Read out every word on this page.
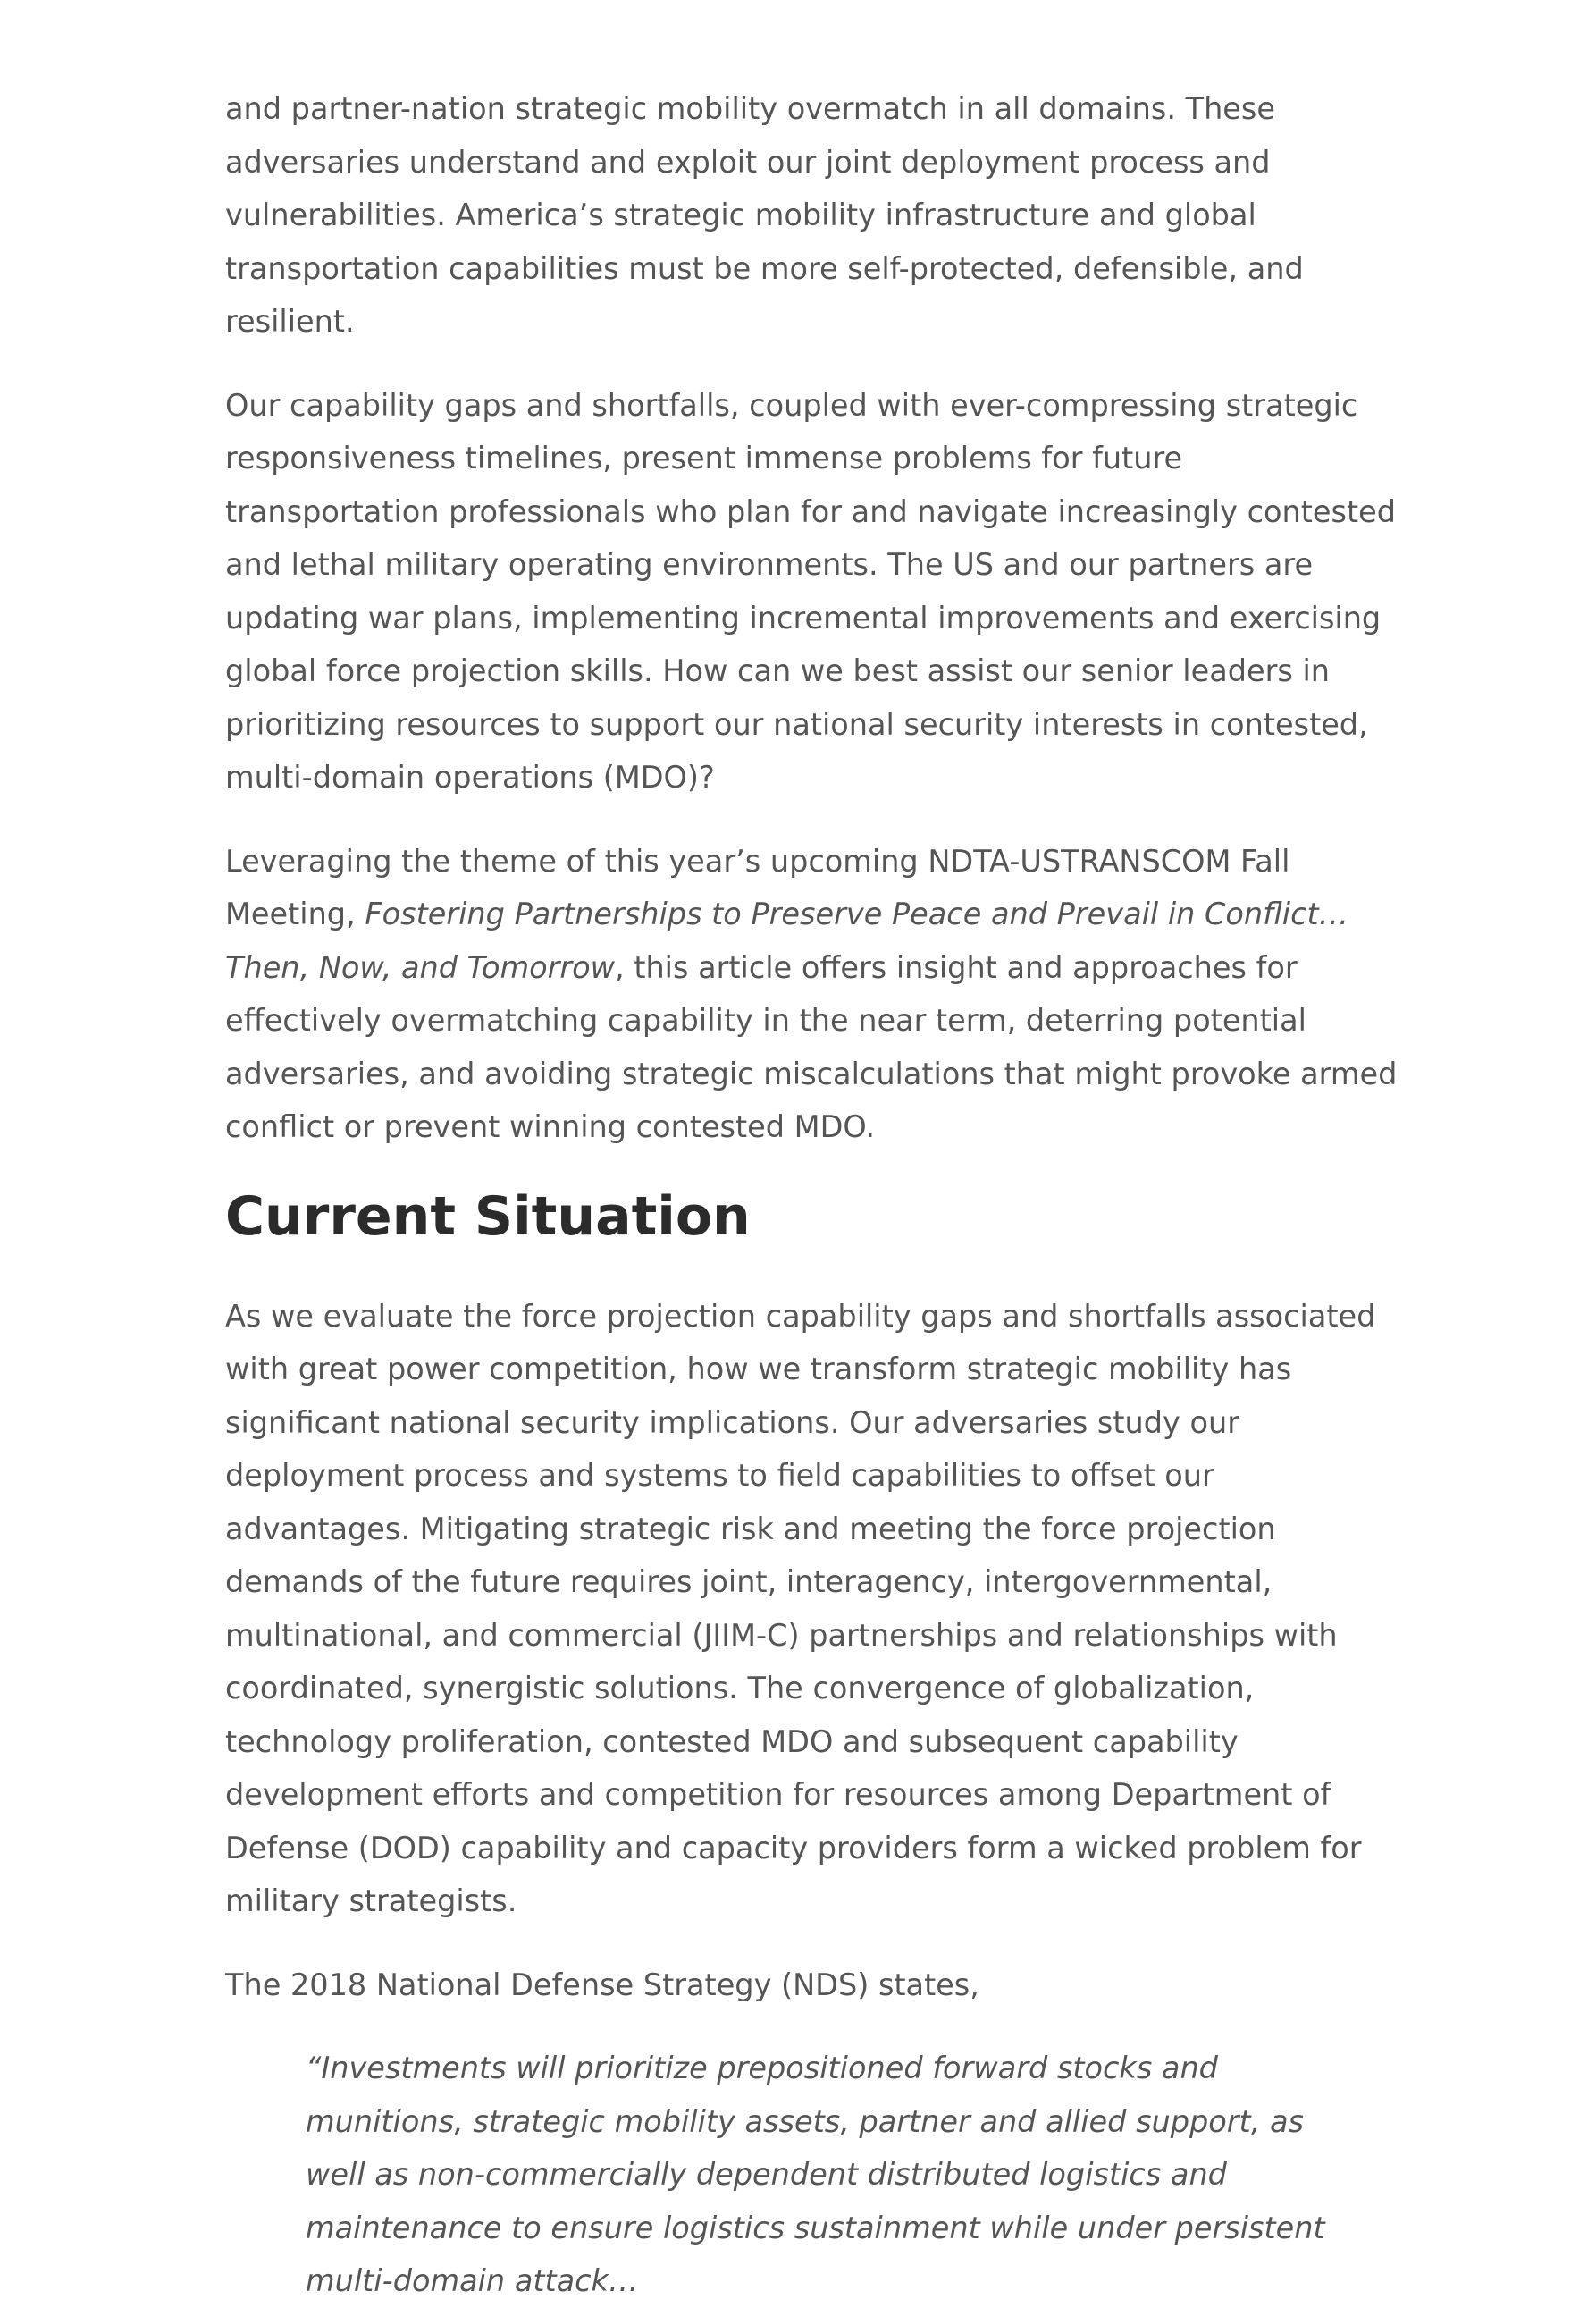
and partner-nation strategic mobility overmatch in all domains. These adversaries understand and exploit our joint deployment process and vulnerabilities. America’s strategic mobility infrastructure and global transportation capabilities must be more self-protected, defensible, and resilient.

Our capability gaps and shortfalls, coupled with ever-compressing strategic responsiveness timelines, present immense problems for future transportation professionals who plan for and navigate increasingly contested and lethal military operating environments. The US and our partners are updating war plans, implementing incremental improvements and exercising global force projection skills. How can we best assist our senior leaders in prioritizing resources to support our national security interests in contested, multi-domain operations (MDO)?

Leveraging the theme of this year’s upcoming NDTA-USTRANSCOM Fall Meeting, Fostering Partnerships to Preserve Peace and Prevail in Conflict…Then, Now, and Tomorrow, this article offers insight and approaches for effectively overmatching capability in the near term, deterring potential adversaries, and avoiding strategic miscalculations that might provoke armed conflict or prevent winning contested MDO.

Current Situation

As we evaluate the force projection capability gaps and shortfalls associated with great power competition, how we transform strategic mobility has significant national security implications. Our adversaries study our deployment process and systems to field capabilities to offset our advantages. Mitigating strategic risk and meeting the force projection demands of the future requires joint, interagency, intergovernmental, multinational, and commercial (JIIM-C) partnerships and relationships with coordinated, synergistic solutions. The convergence of globalization, technology proliferation, contested MDO and subsequent capability development efforts and competition for resources among Department of Defense (DOD) capability and capacity providers form a wicked problem for military strategists.

The 2018 National Defense Strategy (NDS) states,

“Investments will prioritize prepositioned forward stocks and munitions, strategic mobility assets, partner and allied support, as well as non-commercially dependent distributed logistics and maintenance to ensure logistics sustainment while under persistent multi-domain attack…
